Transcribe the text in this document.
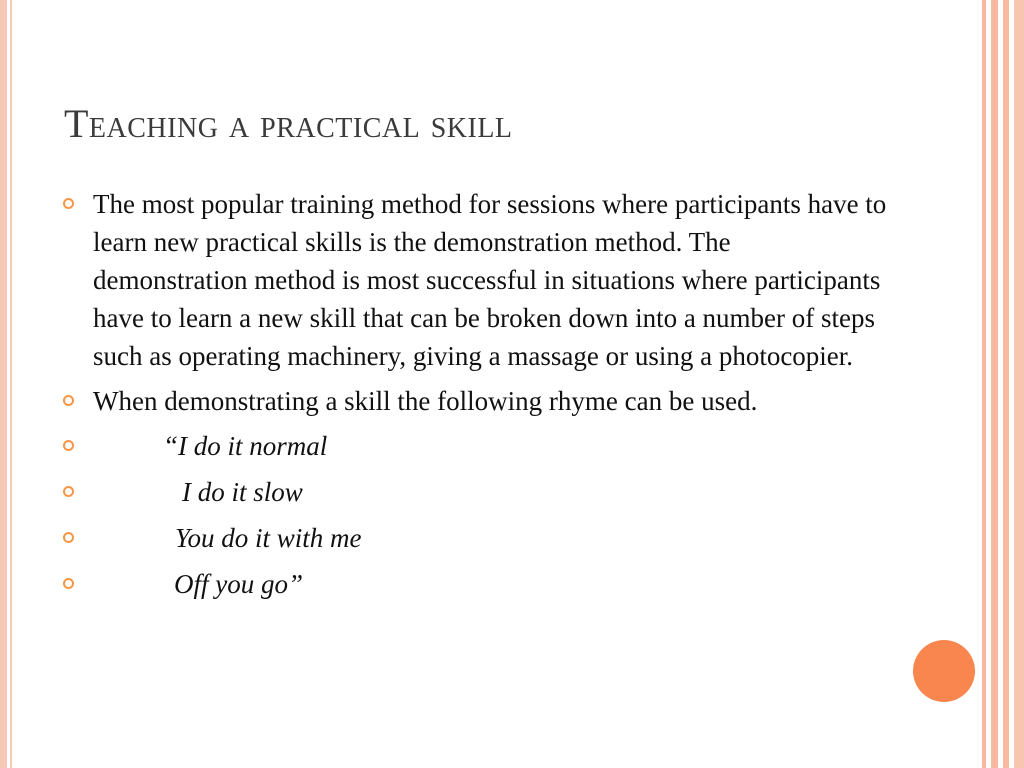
Teaching a practical skill
The most popular training method for sessions where participants have to learn new practical skills is the demonstration method. The demonstration method is most successful in situations where participants have to learn a new skill that can be broken down into a number of steps such as operating machinery, giving a massage or using a photocopier.
When demonstrating a skill the following rhyme can be used.
“I do it normal
I do it slow
You do it with me
Off you go”
